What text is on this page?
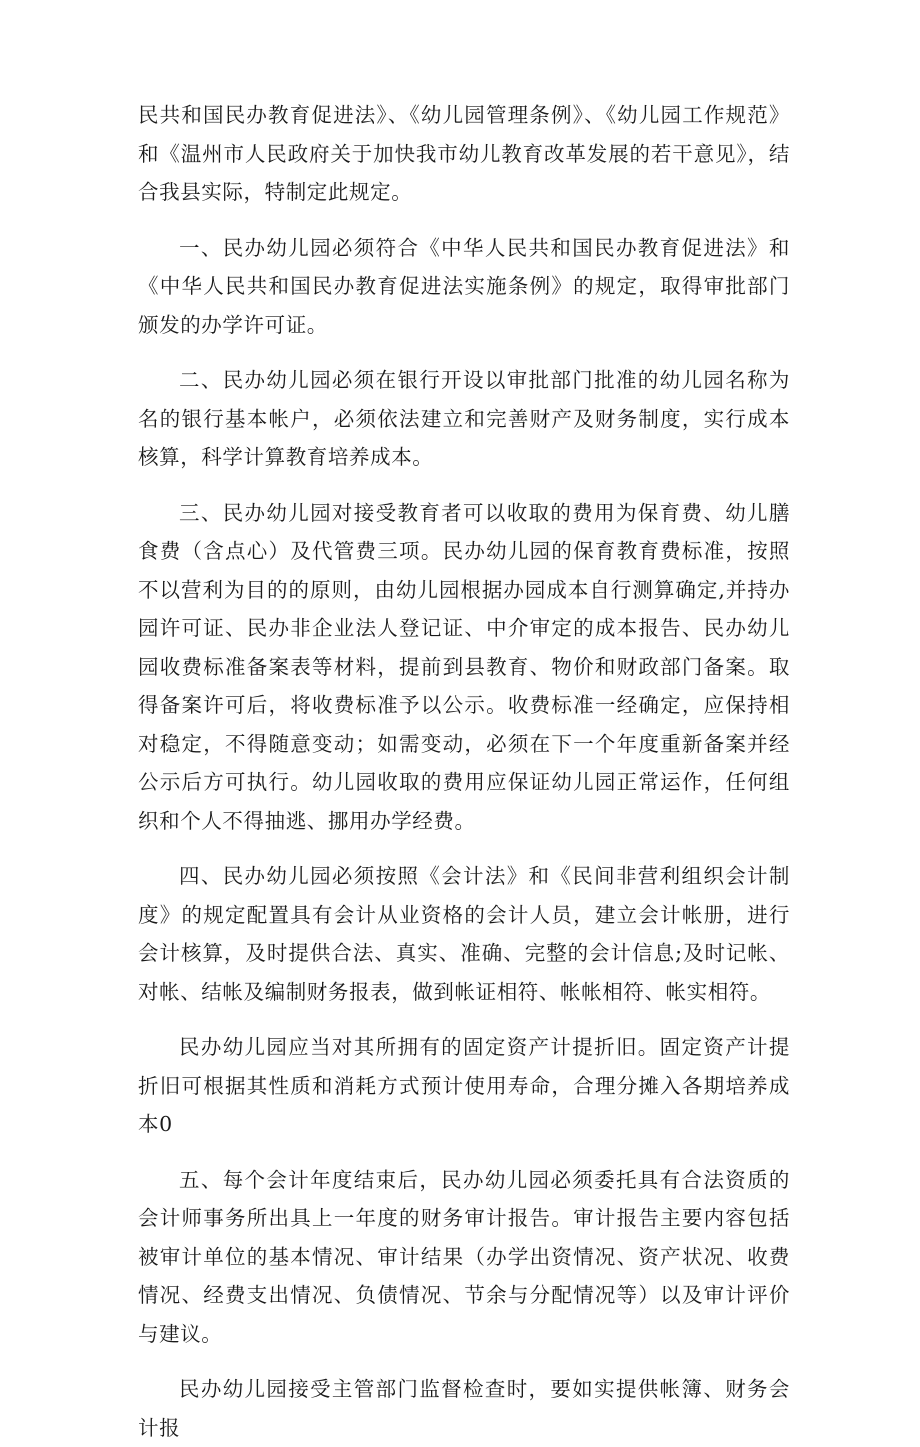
民共和国民办教育促进法》、《幼儿园管理条例》、《幼儿园工作规范》和《温州市人民政府关于加快我市幼儿教育改革发展的若干意见》，结合我县实际，特制定此规定。

一、民办幼儿园必须符合《中华人民共和国民办教育促进法》和《中华人民共和国民办教育促进法实施条例》的规定，取得审批部门颁发的办学许可证。

二、民办幼儿园必须在银行开设以审批部门批准的幼儿园名称为名的银行基本帐户，必须依法建立和完善财产及财务制度，实行成本核算，科学计算教育培养成本。

三、民办幼儿园对接受教育者可以收取的费用为保育费、幼儿膳食费（含点心）及代管费三项。民办幼儿园的保育教育费标准，按照不以营利为目的的原则，由幼儿园根据办园成本自行测算确定,并持办园许可证、民办非企业法人登记证、中介审定的成本报告、民办幼儿园收费标准备案表等材料，提前到县教育、物价和财政部门备案。取得备案许可后，将收费标准予以公示。收费标准一经确定，应保持相对稳定，不得随意变动；如需变动，必须在下一个年度重新备案并经公示后方可执行。幼儿园收取的费用应保证幼儿园正常运作，任何组织和个人不得抽逃、挪用办学经费。

四、民办幼儿园必须按照《会计法》和《民间非营利组织会计制度》的规定配置具有会计从业资格的会计人员，建立会计帐册，进行会计核算，及时提供合法、真实、准确、完整的会计信息;及时记帐、对帐、结帐及编制财务报表，做到帐证相符、帐帐相符、帐实相符。

民办幼儿园应当对其所拥有的固定资产计提折旧。固定资产计提折旧可根据其性质和消耗方式预计使用寿命，合理分摊入各期培养成本0

五、每个会计年度结束后，民办幼儿园必须委托具有合法资质的会计师事务所出具上一年度的财务审计报告。审计报告主要内容包括被审计单位的基本情况、审计结果（办学出资情况、资产状况、收费情况、经费支出情况、负债情况、节余与分配情况等）以及审计评价与建议。

民办幼儿园接受主管部门监督检查时，要如实提供帐簿、财务会计报
